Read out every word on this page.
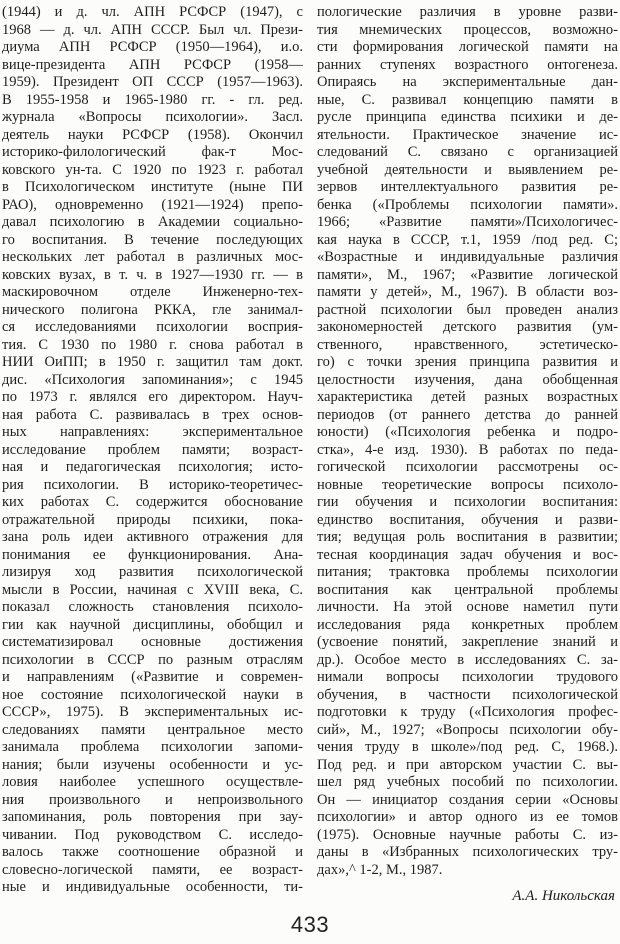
(1944) и д. чл. АПН РСФСР (1947), с
1968 — д. чл. АПН СССР. Был чл. Прези-
диума АПН РСФСР (1950—1964), и.о.
вице-президента АПН РСФСР (1958—
1959). Президент ОП СССР (1957—1963).
В 1955-1958 и 1965-1980 гг. - гл. ред.
журнала «Вопросы психологии». Засл.
деятель науки РСФСР (1958). Окончил
историко-филологический фак-т Мос-
ковского ун-та. С 1920 по 1923 г. работал
в Психологическом институте (ныне ПИ
РАО), одновременно (1921—1924) препо-
давал психологию в Академии социально-
го воспитания. В течение последующих
нескольких лет работал в различных мос-
ковских вузах, в т. ч. в 1927—1930 гг. — в
маскировочном отделе Инженерно-тех-
нического полигона РККА, гле занимал-
ся исследованиями психологии восприя-
тия. С 1930 по 1980 г. снова работал в
НИИ ОиПП; в 1950 г. защитил там докт.
дис. «Психология запоминания»; с 1945
по 1973 г. являлся его директором. Науч-
ная работа С. развивалась в трех основ-
ных направлениях: экспериментальное
исследование проблем памяти; возраст-
ная и педагогическая психология; исто-
рия психологии. В историко-теоретичес-
ких работах С. содержится обоснование
отражательной природы психики, пока-
зана роль идеи активного отражения для
понимания ее функционирования. Ана-
лизируя ход развития психологической
мысли в России, начиная с XVIII века, С.
показал сложность становления психоло-
гии как научной дисциплины, обобщил и
систематизировал основные достижения
психологии в СССР по разным отраслям
и направлениям («Развитие и современ-
ное состояние психологической науки в
СССР», 1975). В экспериментальных ис-
следованиях памяти центральное место
занимала проблема психологии запоми-
нания; были изучены особенности и ус-
ловия наиболее успешного осуществле-
ния произвольного и непроизвольного
запоминания, роль повторения при зау-
чивании. Под руководством С. исследо-
валось также соотношение образной и
словесно-логической памяти, ее возраст-
ные и индивидуальные особенности, ти-
пологические различия в уровне разви-
тия мнемических процессов, возможно-
сти формирования логической памяти на
ранних ступенях возрастного онтогенеза.
Опираясь на экспериментальные дан-
ные, С. развивал концепцию памяти в
русле принципа единства психики и де-
ятельности. Практическое значение ис-
следований С. связано с организацией
учебной деятельности и выявлением ре-
зервов интеллектуального развития ре-
бенка («Проблемы психологии памяти».
1966; «Развитие памяти»/Психологичес-
кая наука в СССР, т.1, 1959 /под ред. С;
«Возрастные и индивидуальные различия
памяти», М., 1967; «Развитие логической
памяти у детей», М., 1967). В области воз-
растной психологии был проведен анализ
закономерностей детского развития (ум-
ственного, нравственного, эстетическо-
го) с точки зрения принципа развития и
целостности изучения, дана обобщенная
характеристика детей разных возрастных
периодов (от раннего детства до ранней
юности) («Психология ребенка и подро-
стка», 4-е изд. 1930). В работах по педа-
гогической психологии рассмотрены ос-
новные теоретические вопросы психоло-
гии обучения и психологии воспитания:
единство воспитания, обучения и разви-
тия; ведущая роль воспитания в развитии;
тесная координация задач обучения и вос-
питания; трактовка проблемы психологии
воспитания как центральной проблемы
личности. На этой основе наметил пути
исследования ряда конкретных проблем
(усвоение понятий, закрепление знаний и
др.). Особое место в исследованиях С. за-
нимали вопросы психологии трудового
обучения, в частности психологической
подготовки к труду («Психология профес-
сий», М., 1927; «Вопросы психологии обу-
чения труду в школе»/под ред. С, 1968.).
Под ред. и при авторском участии С. вы-
шел ряд учебных пособий по психологии.
Он — инициатор создания серии «Основы
психологии» и автор одного из ее томов
(1975). Основные научные работы С. из-
даны в «Избранных психологических тру-
дах»,^ 1-2, М., 1987.
А.А. Никольская
433
